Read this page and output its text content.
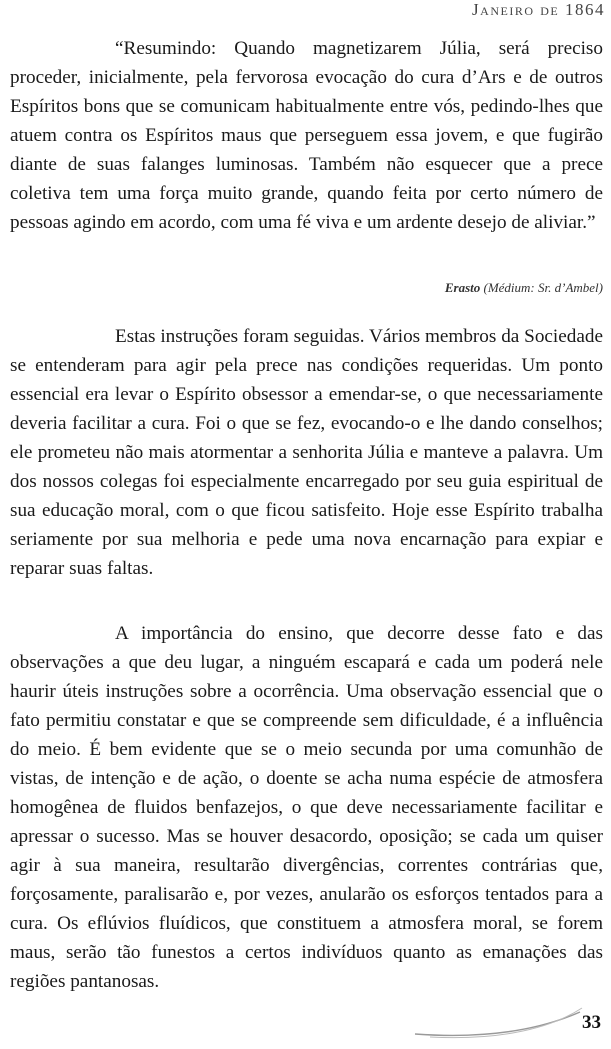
Janeiro de 1864

“Resumindo: Quando magnetizarem Júlia, será preciso proceder, inicialmente, pela fervorosa evocação do cura d’Ars e de outros Espíritos bons que se comunicam habitualmente entre vós, pedindo-lhes que atuem contra os Espíritos maus que perseguem essa jovem, e que fugirão diante de suas falanges luminosas. Também não esquecer que a prece coletiva tem uma força muito grande, quando feita por certo número de pessoas agindo em acordo, com uma fé viva e um ardente desejo de aliviar.”

Erasto (Médium: Sr. d’Ambel)

Estas instruções foram seguidas. Vários membros da Sociedade se entenderam para agir pela prece nas condições requeridas. Um ponto essencial era levar o Espírito obsessor a emendar-se, o que necessariamente deveria facilitar a cura. Foi o que se fez, evocando-o e lhe dando conselhos; ele prometeu não mais atormentar a senhorita Júlia e manteve a palavra. Um dos nossos colegas foi especialmente encarregado por seu guia espiritual de sua educação moral, com o que ficou satisfeito. Hoje esse Espírito trabalha seriamente por sua melhoria e pede uma nova encarnação para expiar e reparar suas faltas.

A importância do ensino, que decorre desse fato e das observações a que deu lugar, a ninguém escapará e cada um poderá nele haurir úteis instruções sobre a ocorrência. Uma observação essencial que o fato permitiu constatar e que se compreende sem dificuldade, é a influência do meio. É bem evidente que se o meio secunda por uma comunhão de vistas, de intenção e de ação, o doente se acha numa espécie de atmosfera homogênea de fluidos benfazejos, o que deve necessariamente facilitar e apressar o sucesso. Mas se houver desacordo, oposição; se cada um quiser agir à sua maneira, resultarão divergências, correntes contrárias que, forçosamente, paralisarão e, por vezes, anularão os esforços tentados para a cura. Os eflúvios fluídicos, que constituem a atmosfera moral, se forem maus, serão tão funestos a certos indivíduos quanto as emanações das regiões pantanosas.

33
